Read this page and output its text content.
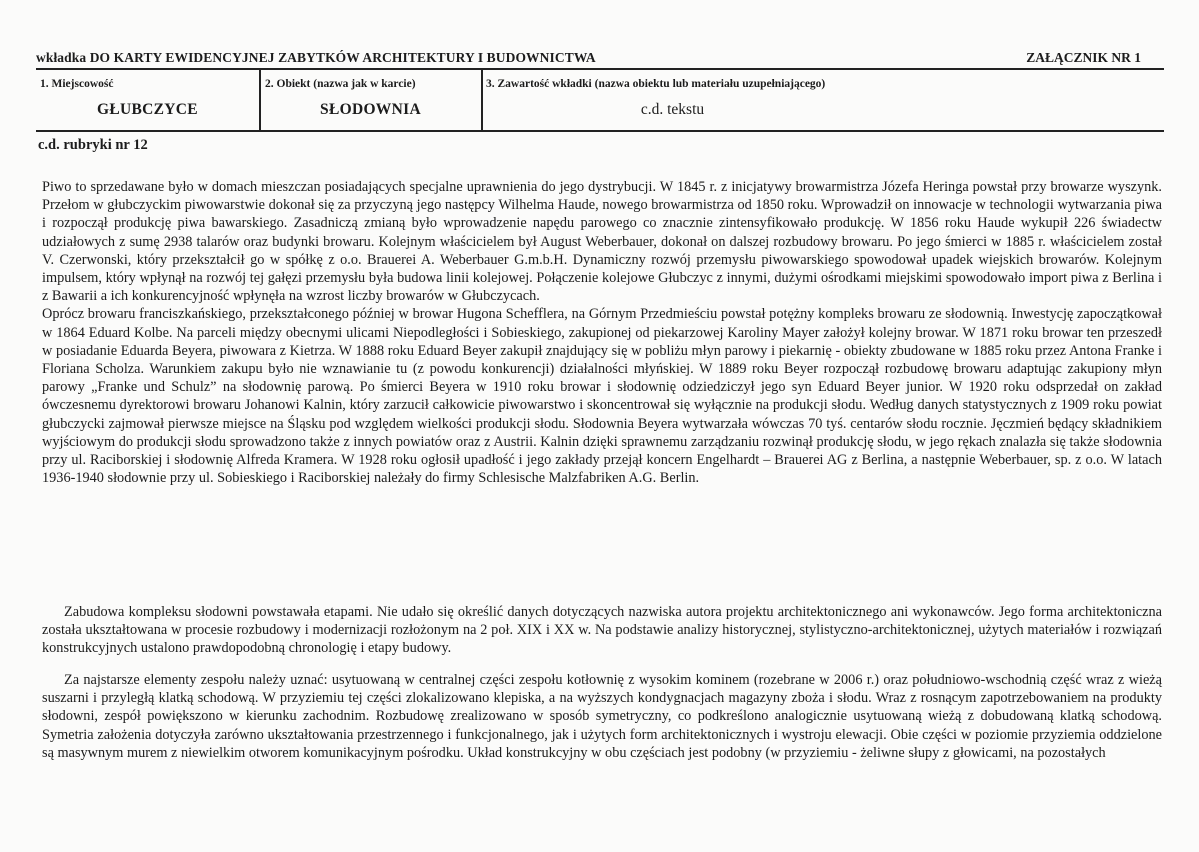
wkładka DO KARTY EWIDENCYJNEJ ZABYTKÓW ARCHITEKTURY I BUDOWNICTWA	ZAŁĄCZNIK NR 1
1. Miejscowość
GŁUBCZYCE
2. Obiekt (nazwa jak w karcie)
SŁODOWNIA
3. Zawartość wkładki (nazwa obiektu lub materiału uzupełniającego)
c.d. tekstu
c.d. rubryki nr 12

Piwo to sprzedawane było w domach mieszczan posiadających specjalne uprawnienia do jego dystrybucji. W 1845 r. z inicjatywy browarmistrza Józefa Heringa powstał przy browarze wyszynk. Przełom w głubczyckim piwowarstwie dokonał się za przyczyną jego następcy Wilhelma Haude, nowego browarmistrza od 1850 roku. Wprowadził on innowacje w technologii wytwarzania piwa i rozpoczął produkcję piwa bawarskiego. Zasadniczą zmianą było wprowadzenie napędu parowego co znacznie zintensyfikowało produkcję. W 1856 roku Haude wykupił 226 świadectw udziałowych z sumę 2938 talarów oraz budynki browaru. Kolejnym właścicielem był August Weberbauer, dokonał on dalszej rozbudowy browaru. Po jego śmierci w 1885 r. właścicielem został V. Czerwonski, który przekształcił go w spółkę z o.o. Brauerei A. Weberbauer G.m.b.H. Dynamiczny rozwój przemysłu piwowarskiego spowodował upadek wiejskich browarów. Kolejnym impulsem, który wpłynął na rozwój tej gałęzi przemysłu była budowa linii kolejowej. Połączenie kolejowe Głubczyc z innymi, dużymi ośrodkami miejskimi spowodowało import piwa z Berlina i z Bawarii a ich konkurencyjność wpłynęła na wzrost liczby browarów w Głubczycach.

Oprócz browaru franciszkańskiego, przekształconego później w browar Hugona Schefflera, na Górnym Przedmieściu powstał potężny kompleks browaru ze słodownią. Inwestycję zapoczątkował w 1864 Eduard Kolbe. Na parceli między obecnymi ulicami Niepodległości i Sobieskiego, zakupionej od piekarzowej Karoliny Mayer założył kolejny browar. W 1871 roku browar ten przeszedł w posiadanie Eduarda Beyera, piwowara z Kietrza. W 1888 roku Eduard Beyer zakupił znajdujący się w pobliżu młyn parowy i piekarnię - obiekty zbudowane w 1885 roku przez Antona Franke i Floriana Scholza. Warunkiem zakupu było nie wznawianie tu (z powodu konkurencji) działalności młyńskiej. W 1889 roku Beyer rozpoczął rozbudowę browaru adaptując zakupiony młyn parowy „Franke und Schulz” na słodownię parową. Po śmierci Beyera w 1910 roku browar i słodownię odziedziczył jego syn Eduard Beyer junior. W 1920 roku odsprzedał on zakład ówczesnemu dyrektorowi browaru Johanowi Kalnin, który zarzucił całkowicie piwowarstwo i skoncentrował się wyłącznie na produkcji słodu. Według danych statystycznych z 1909 roku powiat głubczycki zajmował pierwsze miejsce na Śląsku pod względem wielkości produkcji słodu. Słodownia Beyera wytwarzała wówczas 70 tyś. centarów słodu rocznie. Jęczmień będący składnikiem wyjściowym do produkcji słodu sprowadzono także z innych powiatów oraz z Austrii. Kalnin dzięki sprawnemu zarządzaniu rozwinął produkcję słodu, w jego rękach znalazła się także słodownia przy ul. Raciborskiej i słodownię Alfreda Kramera. W 1928 roku ogłosił upadłość i jego zakłady przejął koncern Engelhardt – Brauerei AG z Berlina, a następnie Weberbauer, sp. z o.o. W latach 1936-1940 słodownie przy ul. Sobieskiego i Raciborskiej należały do firmy Schlesische Malzfabriken A.G. Berlin.

Zabudowa kompleksu słodowni powstawała etapami. Nie udało się określić danych dotyczących nazwiska autora projektu architektonicznego ani wykonawców. Jego forma architektoniczna została ukształtowana w procesie rozbudowy i modernizacji rozłożonym na 2 poł. XIX i XX w. Na podstawie analizy historycznej, stylistyczno-architektonicznej, użytych materiałów i rozwiązań konstrukcyjnych ustalono prawdopodobną chronologię i etapy budowy.

Za najstarsze elementy zespołu należy uznać: usytuowaną w centralnej części zespołu kotłownię z wysokim kominem (rozebrane w 2006 r.) oraz południowo-wschodnią część wraz z wieżą suszarni i przyległą klatką schodową. W przyziemiu tej części zlokalizowano klepiska, a na wyższych kondygnacjach magazyny zboża i słodu. Wraz z rosnącym zapotrzebowaniem na produkty słodowni, zespół powiększono w kierunku zachodnim. Rozbudowę zrealizowano w sposób symetryczny, co podkreślono analogicznie usytuowaną wieżą z dobudowaną klatką schodową. Symetria założenia dotyczyła zarówno ukształtowania przestrzennego i funkcjonalnego, jak i użytych form architektonicznych i wystroju elewacji. Obie części w poziomie przyziemia oddzielone są masywnym murem z niewielkim otworem komunikacyjnym pośrodku. Układ konstrukcyjny w obu częściach jest podobny (w przyziemiu - żeliwne słupy z głowicami, na pozostałych
